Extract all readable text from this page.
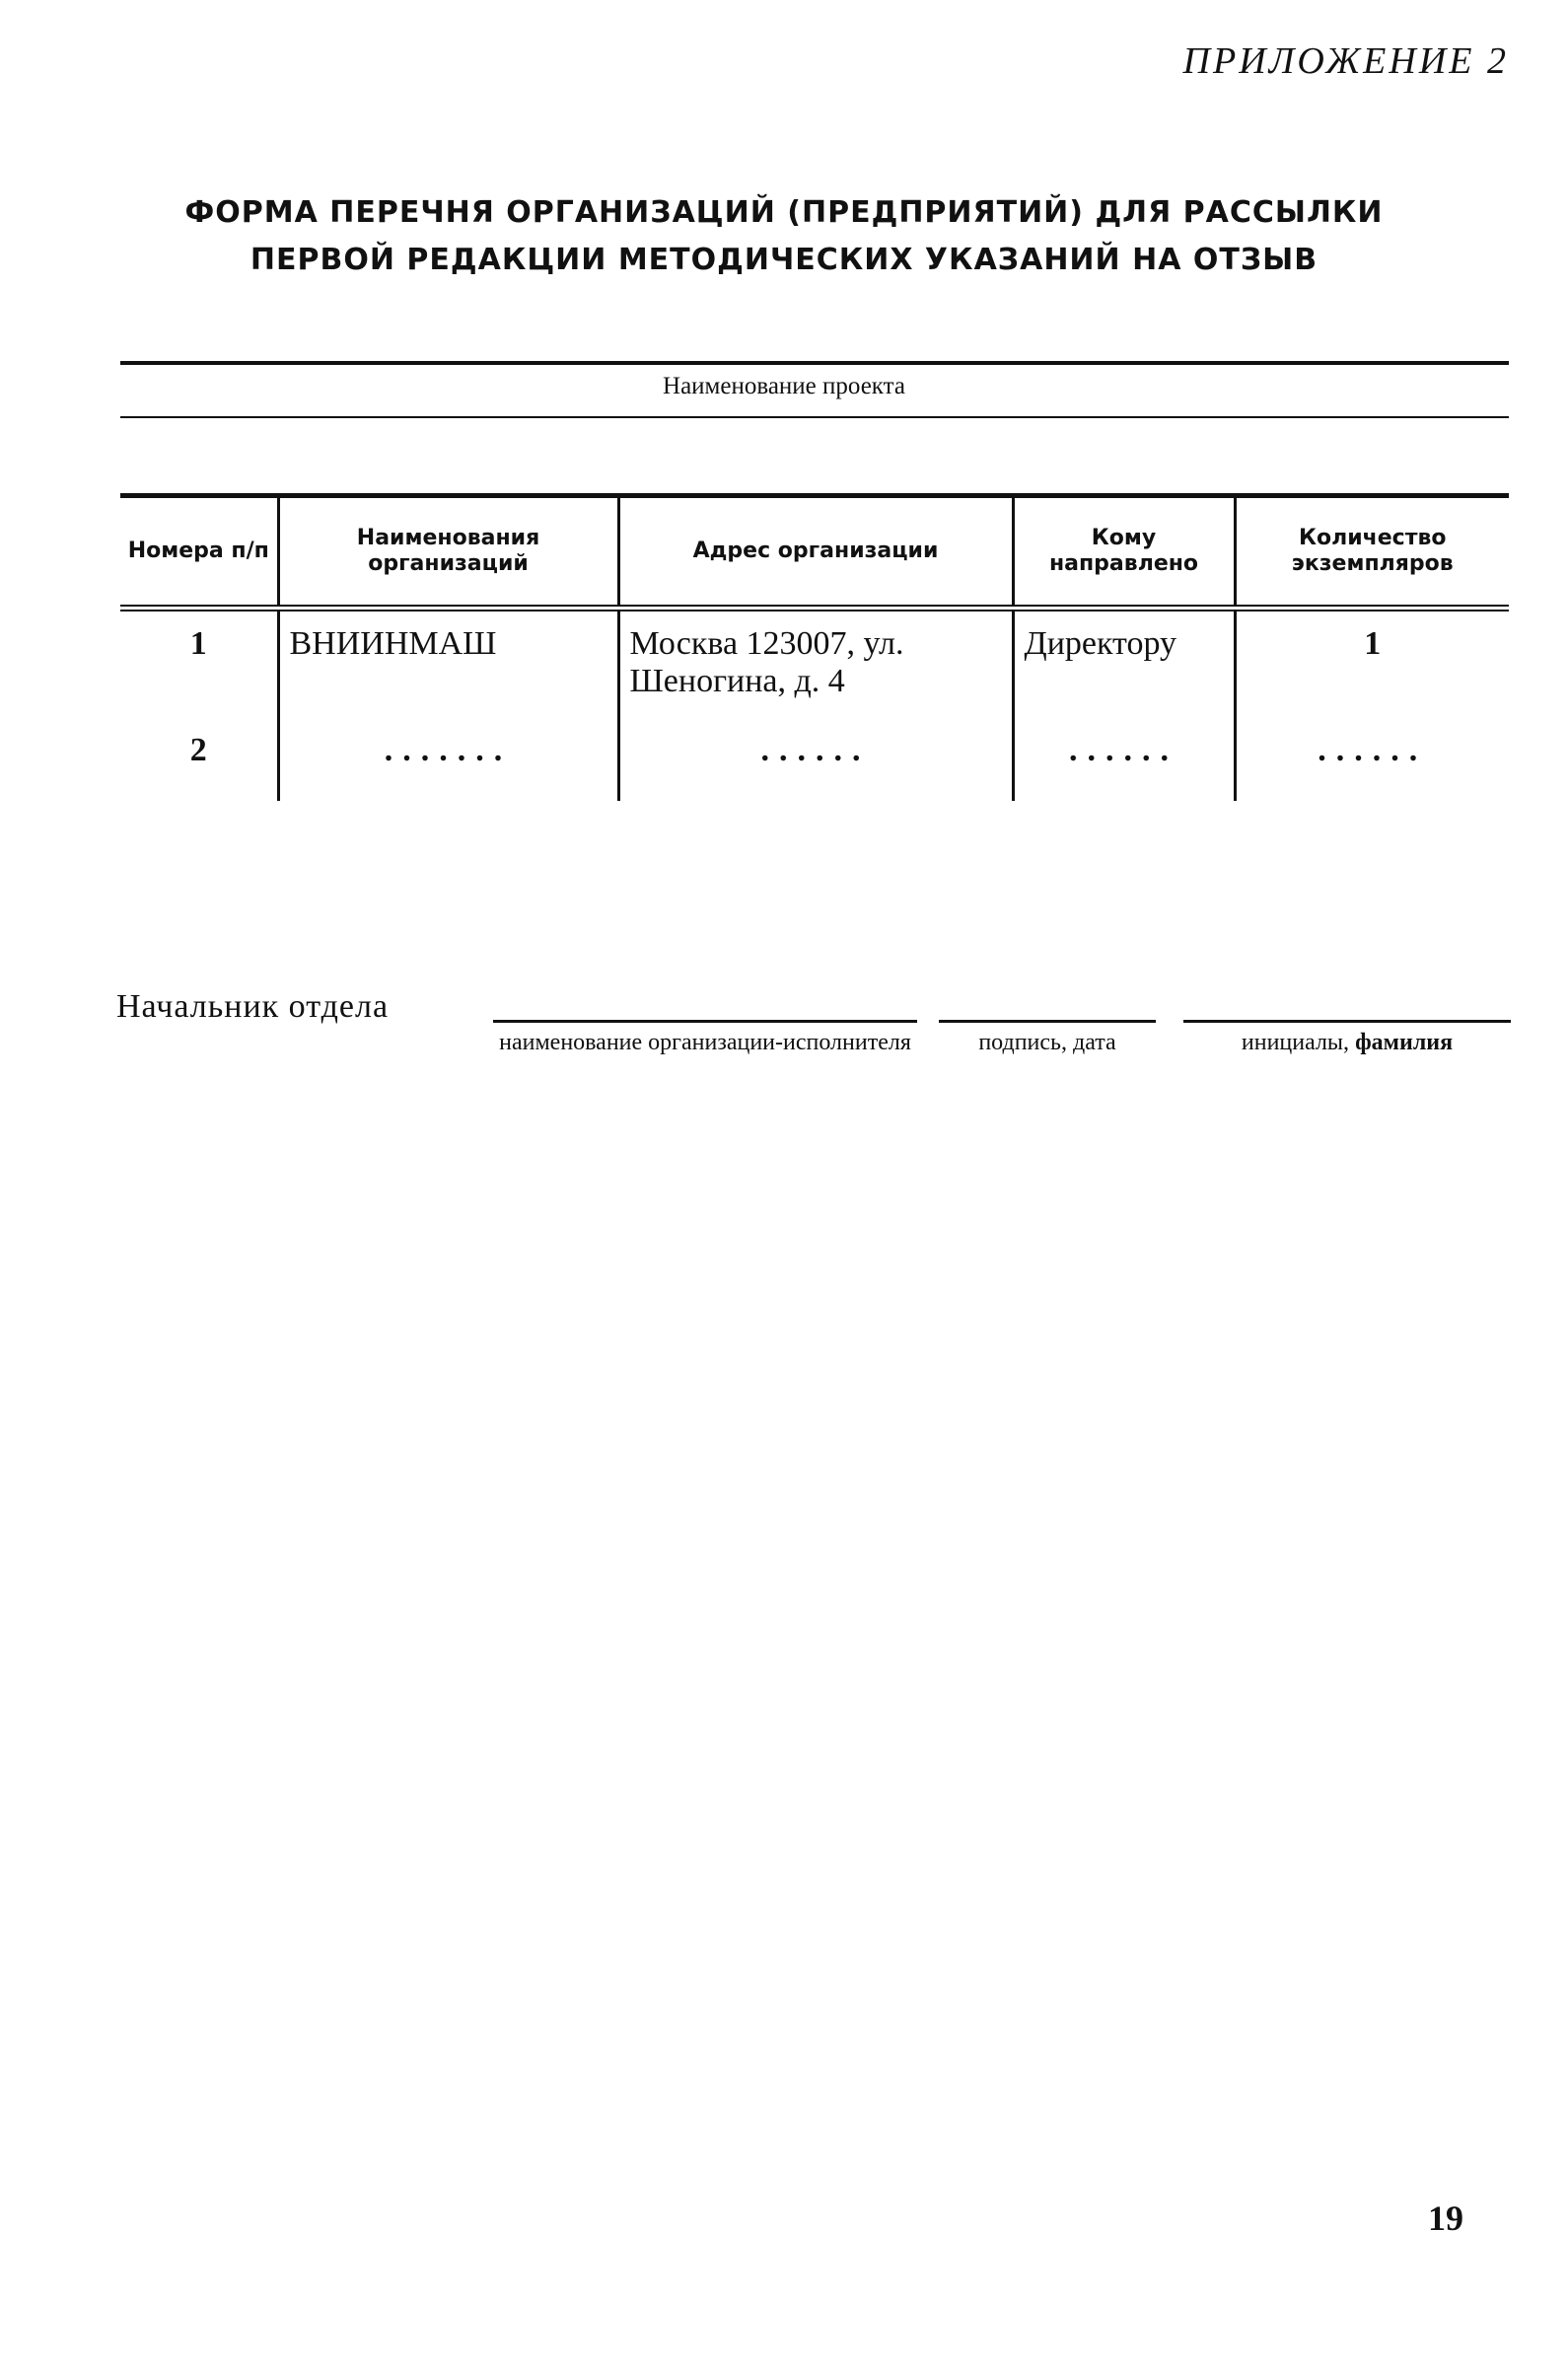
ПРИЛОЖЕНИЕ 2
ФОРМА ПЕРЕЧНЯ ОРГАНИЗАЦИЙ (ПРЕДПРИЯТИЙ) ДЛЯ РАССЫЛКИ
ПЕРВОЙ РЕДАКЦИИ МЕТОДИЧЕСКИХ УКАЗАНИЙ НА ОТЗЫВ
Наименование проекта
Номера п/п	Наименования организаций	Адрес организации	Кому направлено	Количество экземпляров
1	ВНИИНМАШ	Москва 123007, ул. Шеногина, д. 4	Директору	1
2	.......	......	......	......
Начальник отдела
наименование организации-исполнителя	подпись, дата	инициалы, фамилия
19
